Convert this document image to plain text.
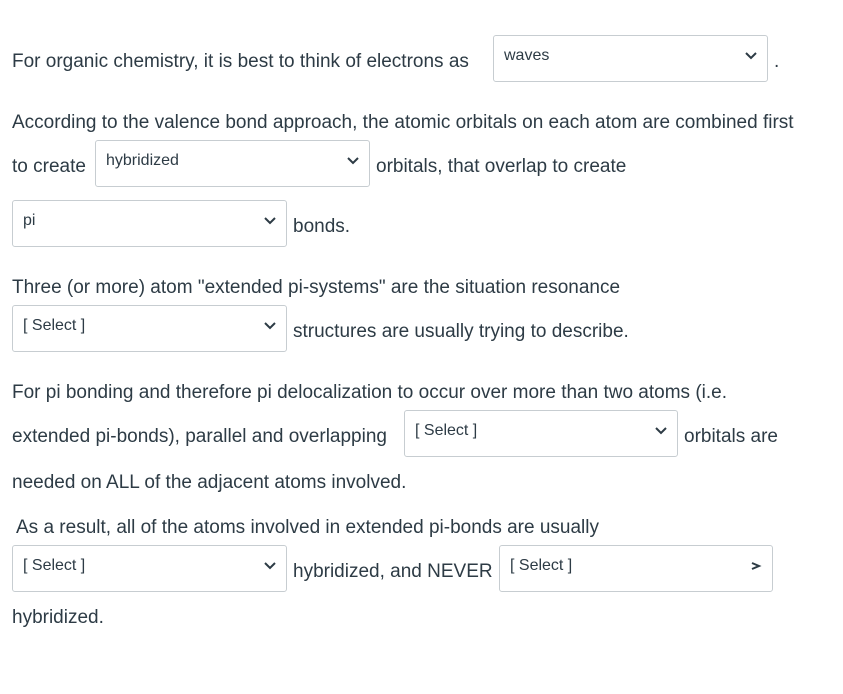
For organic chemistry, it is best to think of electrons as waves	.
According to the valence bond approach, the atomic orbitals on each atom are combined first
to create hybridized	orbitals, that overlap to create
pi	bonds.
Three (or more) atom "extended pi-systems" are the situation resonance
[ Select ]	structures are usually trying to describe.
For pi bonding and therefore pi delocalization to occur over more than two atoms (i.e.
extended pi-bonds), parallel and overlapping [ Select ]	orbitals are
needed on ALL of the adjacent atoms involved.
As a result, all of the atoms involved in extended pi-bonds are usually
[ Select ]	hybridized, and NEVER [ Select ]
hybridized.
